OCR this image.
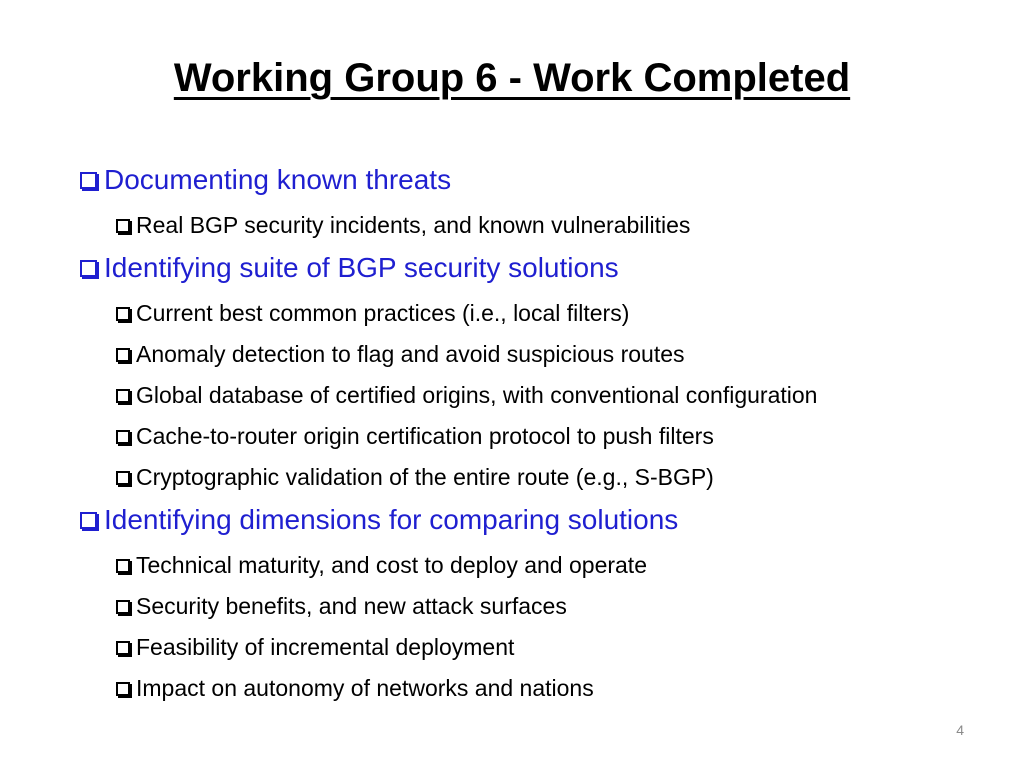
Working Group 6 - Work Completed
Documenting known threats
Real BGP security incidents, and known vulnerabilities
Identifying suite of BGP security solutions
Current best common practices (i.e., local filters)
Anomaly detection to flag and avoid suspicious routes
Global database of certified origins, with conventional configuration
Cache-to-router origin certification protocol to push filters
Cryptographic validation of the entire route (e.g., S-BGP)
Identifying dimensions for comparing solutions
Technical maturity, and cost to deploy and operate
Security benefits, and new attack surfaces
Feasibility of incremental deployment
Impact on autonomy of networks and nations
4
